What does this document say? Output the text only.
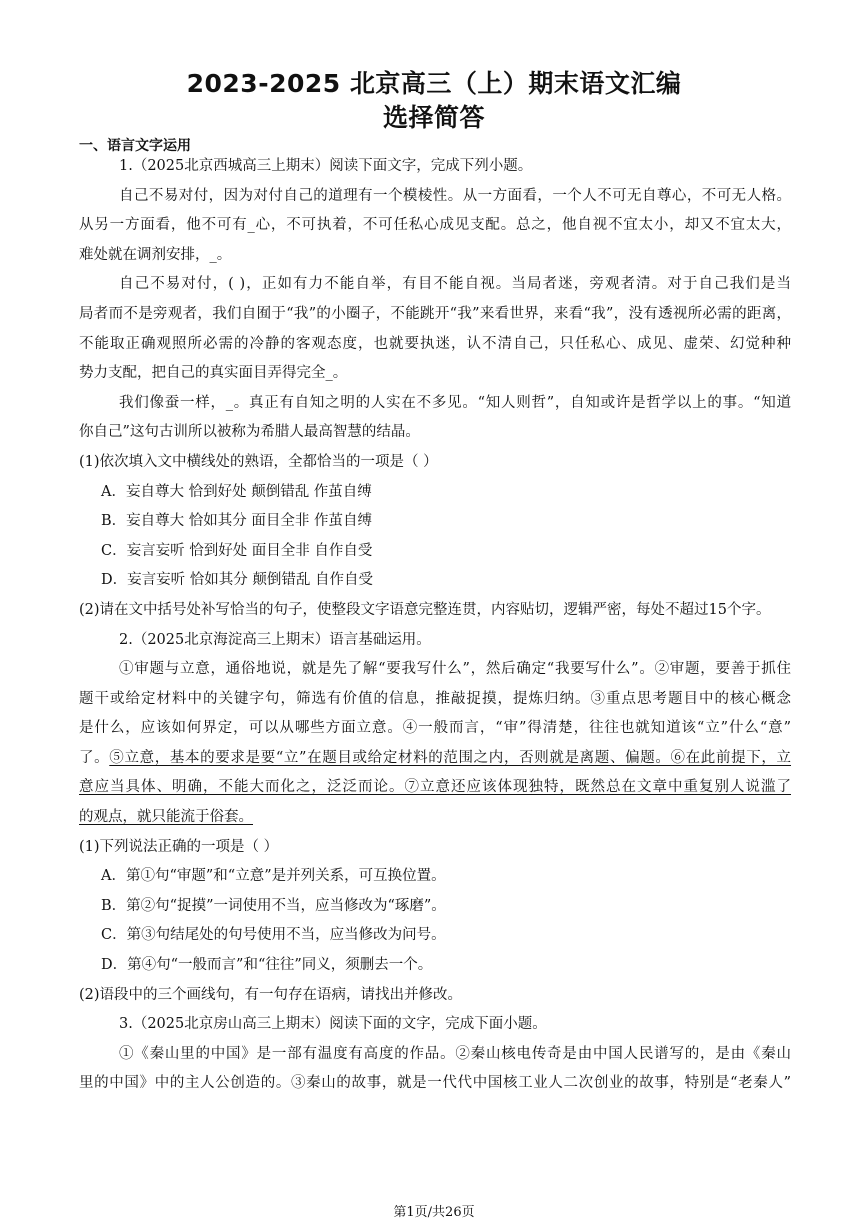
2023-2025 北京高三（上）期末语文汇编
选择简答
一、语言文字运用

1.（2025北京西城高三上期末）阅读下面文字，完成下列小题。

自己不易对付，因为对付自己的道理有一个模棱性。从一方面看，一个人不可无自尊心，不可无人格。

从另一方面看，他不可有_心，不可执着，不可任私心成见支配。总之，他自视不宜太小，却又不宜太大，

难处就在调剂安排，_。

自己不易对付，( )，正如有力不能自举，有目不能自视。当局者迷，旁观者清。对于自己我们是当

局者而不是旁观者，我们自囿于“我”的小圈子，不能跳开“我”来看世界，来看“我”，没有透视所必需的距离，

不能取正确观照所必需的冷静的客观态度，也就要执迷，认不清自己，只任私心、成见、虚荣、幻觉种种

势力支配，把自己的真实面目弄得完全_。

我们像蚕一样，_。真正有自知之明的人实在不多见。“知人则哲”，自知或许是哲学以上的事。“知道

你自己”这句古训所以被称为希腊人最高智慧的结晶。

(1)依次填入文中横线处的熟语，全都恰当的一项是（ ）

A．妄自尊大 恰到好处 颠倒错乱 作茧自缚

B．妄自尊大 恰如其分 面目全非 作茧自缚

C．妄言妄听 恰到好处 面目全非 自作自受

D．妄言妄听 恰如其分 颠倒错乱 自作自受

(2)请在文中括号处补写恰当的句子，使整段文字语意完整连贯，内容贴切，逻辑严密，每处不超过15个字。

2.（2025北京海淀高三上期末）语言基础运用。

①审题与立意，通俗地说，就是先了解“要我写什么”，然后确定“我要写什么”。②审题，要善于抓住

题干或给定材料中的关键字句，筛选有价值的信息，推敲捉摸，提炼归纳。③重点思考题目中的核心概念

是什么，应该如何界定，可以从哪些方面立意。④一般而言，“审”得清楚，往往也就知道该“立”什么“意”

了。⑤立意，基本的要求是要“立”在题目或给定材料的范围之内，否则就是离题、偏题。⑥在此前提下，立

意应当具体、明确，不能大而化之，泛泛而论。⑦立意还应该体现独特，既然总在文章中重复别人说滥了

的观点，就只能流于俗套。

(1)下列说法正确的一项是（ ）

A．第①句“审题”和“立意”是并列关系，可互换位置。

B．第②句“捉摸”一词使用不当，应当修改为“琢磨”。

C．第③句结尾处的句号使用不当，应当修改为问号。

D．第④句“一般而言”和“往往”同义，须删去一个。

(2)语段中的三个画线句，有一句存在语病，请找出并修改。

3.（2025北京房山高三上期末）阅读下面的文字，完成下面小题。

①《秦山里的中国》是一部有温度有高度的作品。②秦山核电传奇是由中国人民谱写的，是由《秦山

里的中国》中的主人公创造的。③秦山的故事，就是一代代中国核工业人二次创业的故事，特别是“老秦人”

第1页/共26页
